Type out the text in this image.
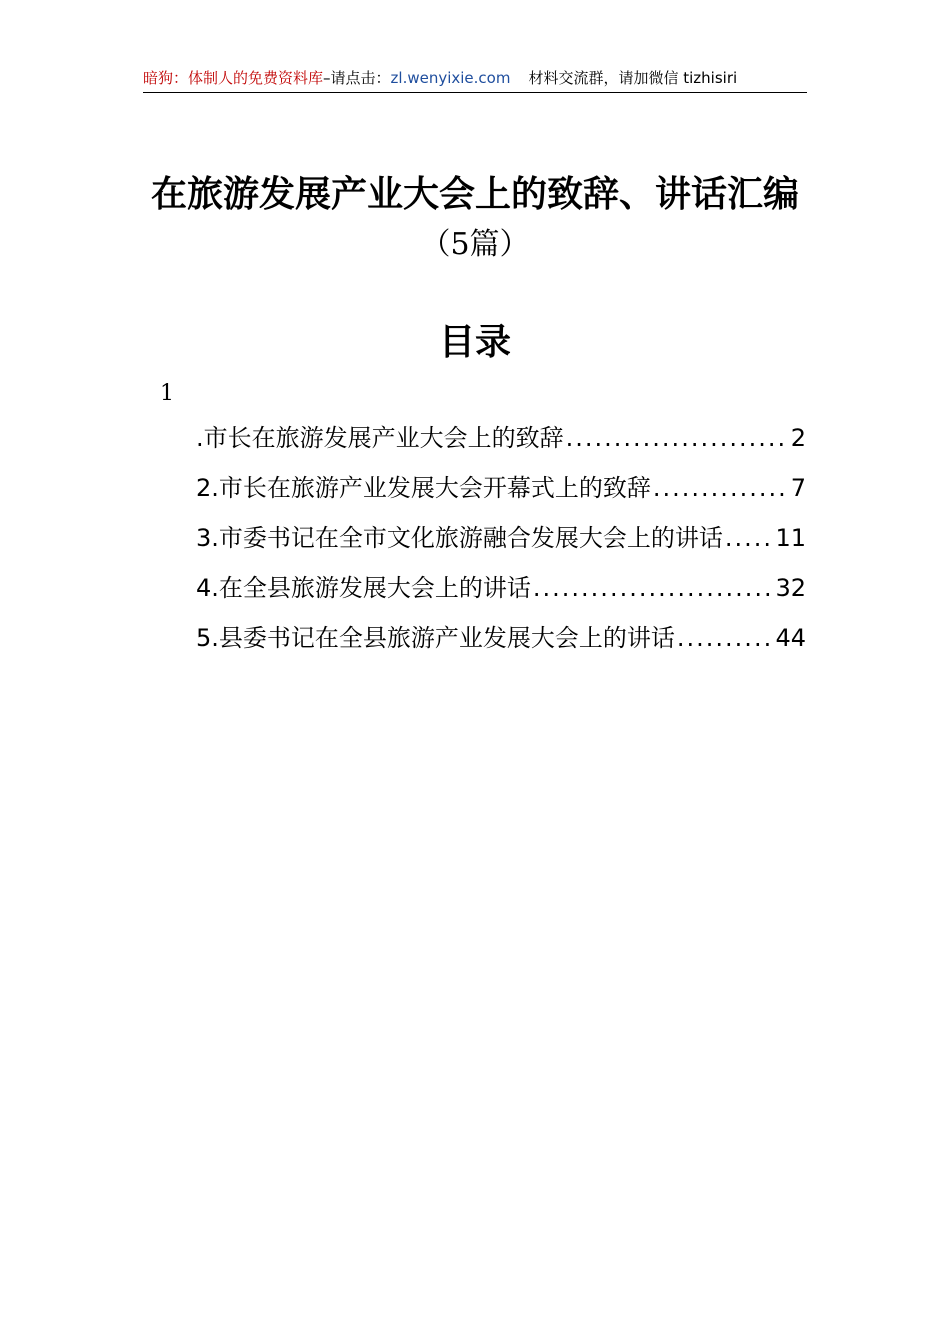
暗狗：体制人的免费资料库–请点击：zl.wenyixie.com 材料交流群，请加微信 tizhisiri
在旅游发展产业大会上的致辞、讲话汇编
（5篇）
目录
1
.市长在旅游发展产业大会上的致辞 .....	2
2.市长在旅游产业发展大会开幕式上的致辞 .....	7
3.市委书记在全市文化旅游融合发展大会上的讲话 ..... 11
4.在全县旅游发展大会上的讲话 .....	32
5.县委书记在全县旅游产业发展大会上的讲话 .....	44
